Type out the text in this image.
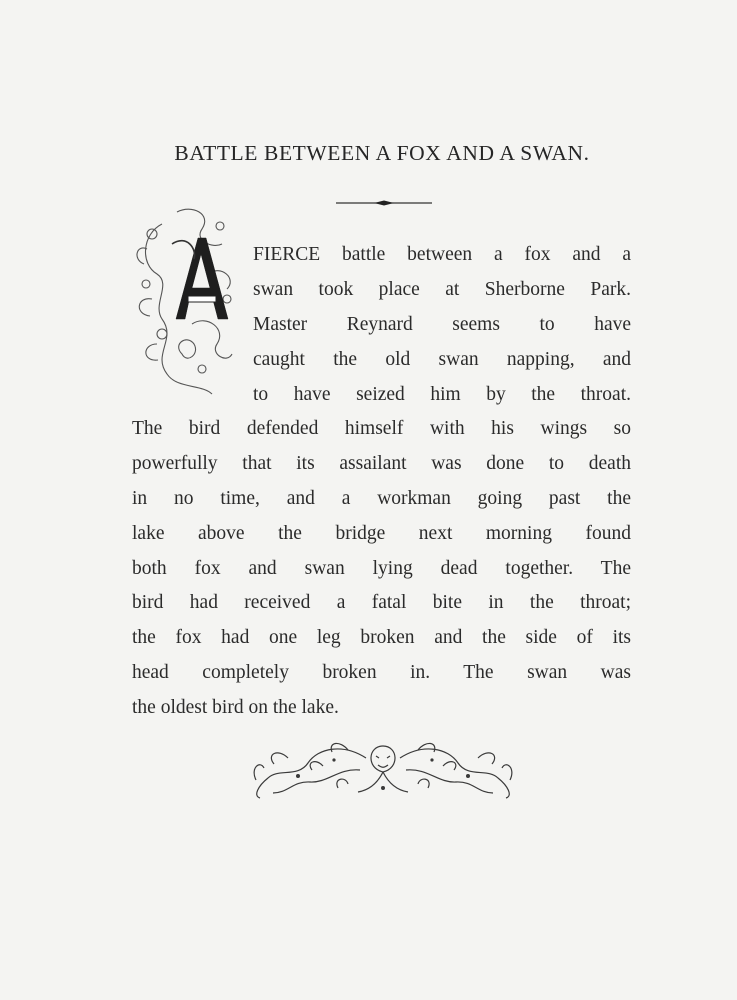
BATTLE BETWEEN A FOX AND A SWAN.
FIERCE battle between a fox and a
swan took place at Sherborne Park.
Master Reynard seems to have
caught the old swan napping, and
to have seized him by the throat.
The bird defended himself with his wings so
powerfully that its assailant was done to death
in no time, and a workman going past the
lake above the bridge next morning found
both fox and swan lying dead together. The
bird had received a fatal bite in the throat;
the fox had one leg broken and the side of its
head completely broken in. The swan was
the oldest bird on the lake.
